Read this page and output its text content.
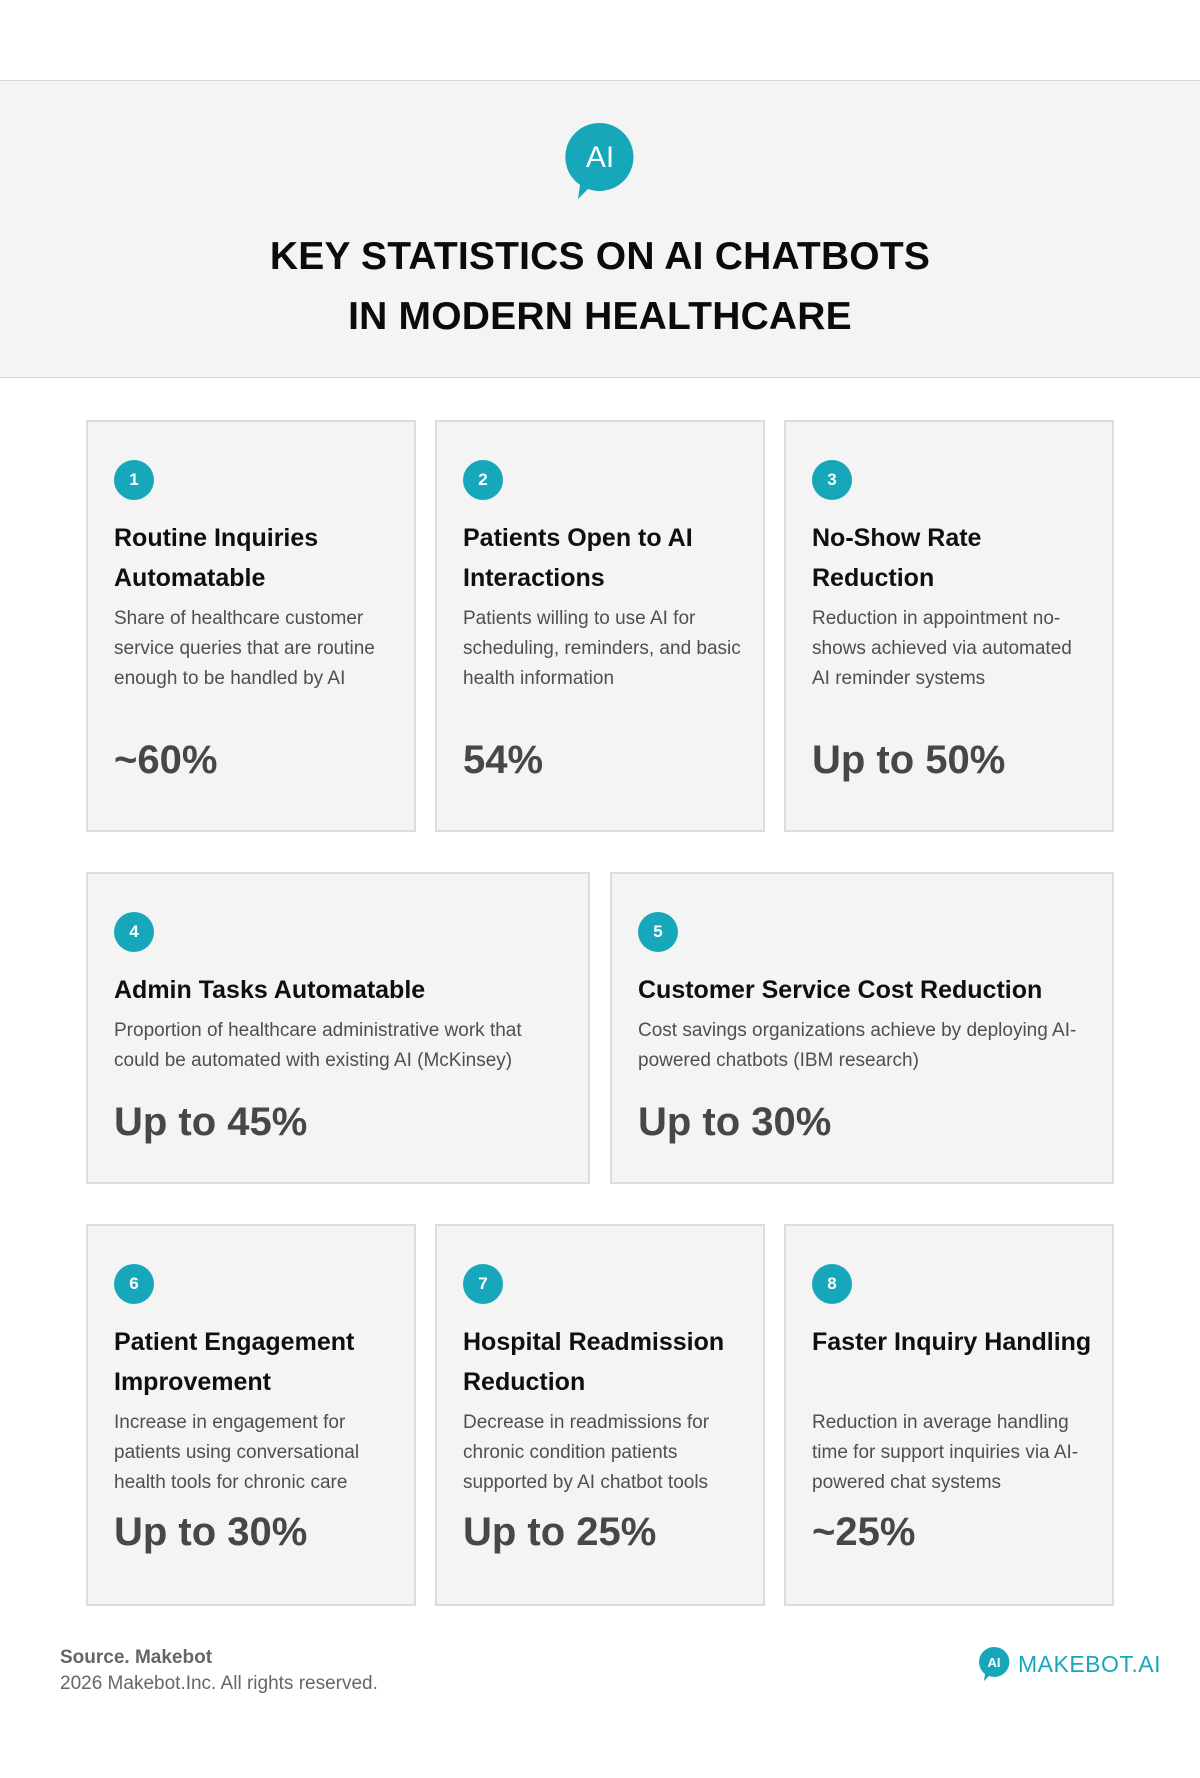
AI
KEY STATISTICS ON AI CHATBOTS
IN MODERN HEALTHCARE
1
Routine Inquiries Automatable
Share of healthcare customer service queries that are routine enough to be handled by AI
~60%
2
Patients Open to AI Interactions
Patients willing to use AI for scheduling, reminders, and basic health information
54%
3
No-Show Rate Reduction
Reduction in appointment no-shows achieved via automated AI reminder systems
Up to 50%
4
Admin Tasks Automatable
Proportion of healthcare administrative work that could be automated with existing AI (McKinsey)
Up to 45%
5
Customer Service Cost Reduction
Cost savings organizations achieve by deploying AI-powered chatbots (IBM research)
Up to 30%
6
Patient Engagement Improvement
Increase in engagement for patients using conversational health tools for chronic care
Up to 30%
7
Hospital Readmission Reduction
Decrease in readmissions for chronic condition patients supported by AI chatbot tools
Up to 25%
8
Faster Inquiry Handling
Reduction in average handling time for support inquiries via AI-powered chat systems
~25%
Source. Makebot
2026 Makebot.Inc. All rights reserved.
AI MAKEBOT.AI
